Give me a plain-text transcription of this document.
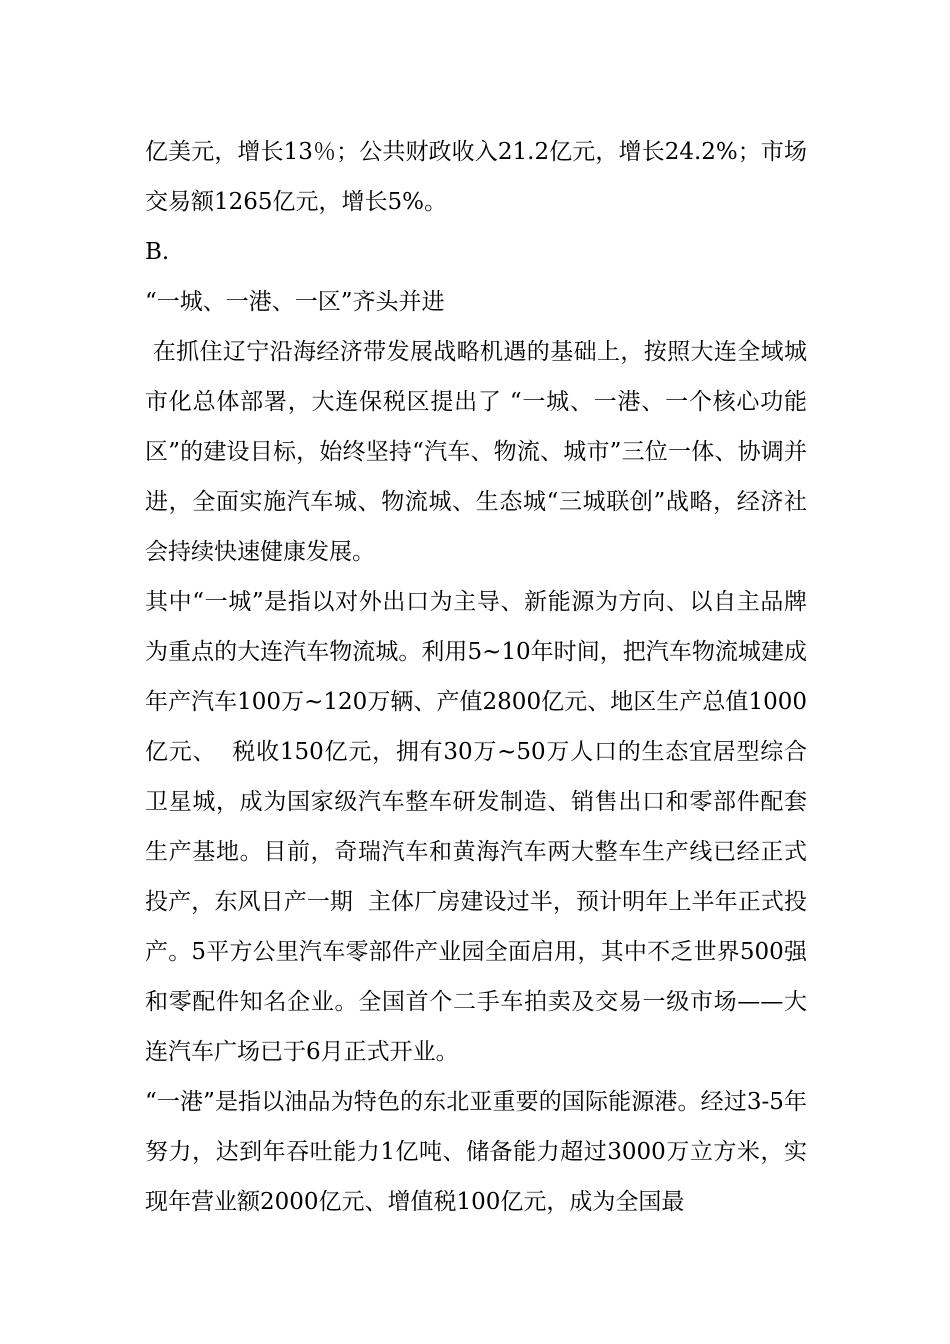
亿美元，增长13％；公共财政收入21.2亿元，增长24.2%；市场交易额1265亿元，增长5%。

B.

“一城、一港、一区”齐头并进

在抓住辽宁沿海经济带发展战略机遇的基础上，按照大连全域城市化总体部署，大连保税区提出了 “一城、一港、一个核心功能区”的建设目标，始终坚持“汽车、物流、城市”三位一体、协调并  进，全面实施汽车城、物流城、生态城“三城联创”战略，经济社会持续快速健康发展。

其中“一城”是指以对外出口为主导、新能源为方向、以自主品牌为重点的大连汽车物流城。利用5~10年时间，把汽车物流城建成年产汽车100万~120万辆、产值2800亿元、地区生产总值1000亿元、  税收150亿元，拥有30万~50万人口的生态宜居型综合卫星城，成为国家级汽车整车研发制造、销售出口和零部件配套生产基地。目前，奇瑞汽车和黄海汽车两大整车生产线已经正式投产，东风日产一期  主体厂房建设过半，预计明年上半年正式投产。5平方公里汽车零部件产业园全面启用，其中不乏世界500强和零配件知名企业。全国首个二手车拍卖及交易一级市场——大连汽车广场已于6月正式开业。

“一港”是指以油品为特色的东北亚重要的国际能源港。经过3-5年努力，达到年吞吐能力1亿吨、储备能力超过3000万立方米，实现年营业额2000亿元、增值税100亿元，成为全国最
